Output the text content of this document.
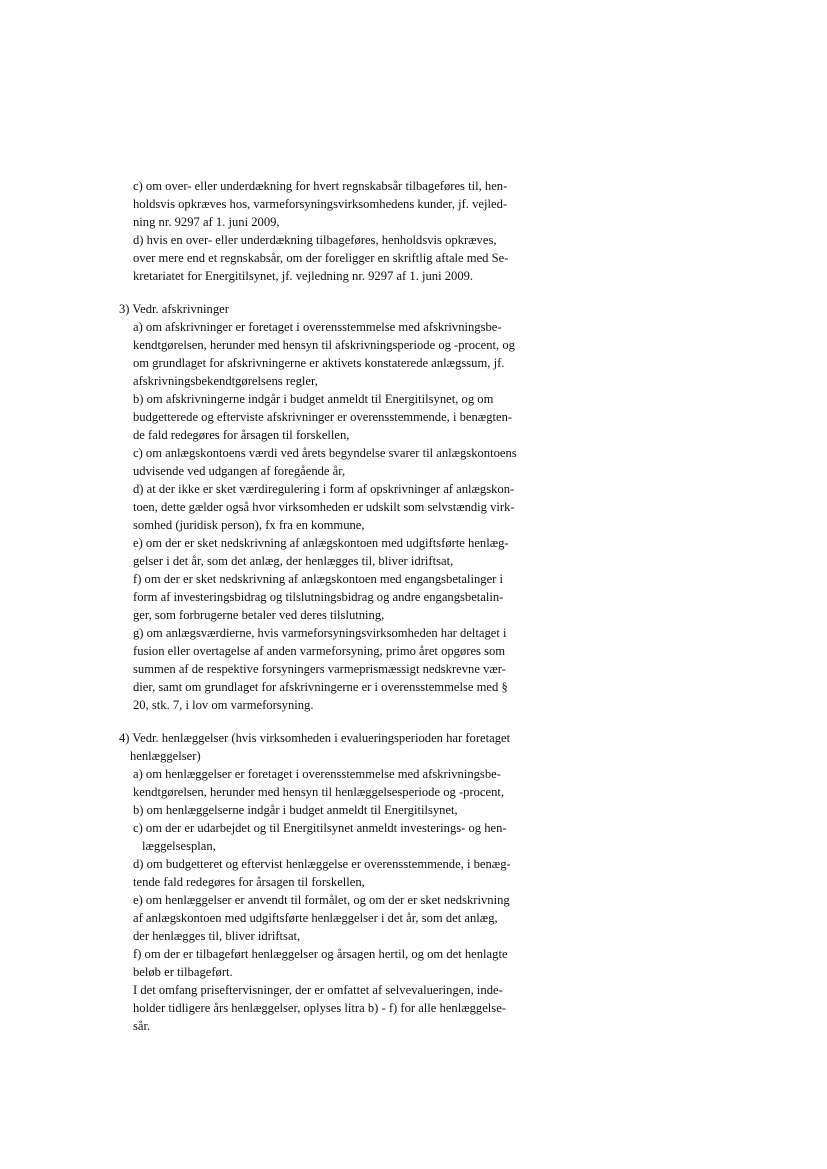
c) om over- eller underdækning for hvert regnskabsår tilbageføres til, hen-
holdsvis opkræves hos, varmeforsyningsvirksomhedens kunder, jf. vejled-
ning nr. 9297 af 1. juni 2009,
d) hvis en over- eller underdækning tilbageføres, henholdsvis opkræves,
over mere end et regnskabsår, om der foreligger en skriftlig aftale med Se-
kretariatet for Energitilsynet, jf. vejledning nr. 9297 af 1. juni 2009.
3) Vedr. afskrivninger
a) om afskrivninger er foretaget i overensstemmelse med afskrivningsbe-
kendtgørelsen, herunder med hensyn til afskrivningsperiode og -procent, og
om grundlaget for afskrivningerne er aktivets konstaterede anlægssum, jf.
afskrivningsbekendtgørelsens regler,
b) om afskrivningerne indgår i budget anmeldt til Energitilsynet, og om
budgetterede og efterviste afskrivninger er overensstemmende, i benægten-
de fald redegøres for årsagen til forskellen,
c) om anlægskontoens værdi ved årets begyndelse svarer til anlægskontoens
udvisende ved udgangen af foregående år,
d) at der ikke er sket værdiregulering i form af opskrivninger af anlægskon-
toen, dette gælder også hvor virksomheden er udskilt som selvstændig virk-
somhed (juridisk person), fx fra en kommune,
e) om der er sket nedskrivning af anlægskontoen med udgiftsførte henlæg-
gelser i det år, som det anlæg, der henlægges til, bliver idriftsat,
f) om der er sket nedskrivning af anlægskontoen med engangsbetalinger i
form af investeringsbidrag og tilslutningsbidrag og andre engangsbetalin-
ger, som forbrugerne betaler ved deres tilslutning,
g) om anlægsværdierne, hvis varmeforsyningsvirksomheden har deltaget i
fusion eller overtagelse af anden varmeforsyning, primo året opgøres som
summen af de respektive forsyningers varmeprismæssigt nedskrevne vær-
dier, samt om grundlaget for afskrivningerne er i overensstemmelse med §
20, stk. 7, i lov om varmeforsyning.
4) Vedr. henlæggelser (hvis virksomheden i evalueringsperioden har foretaget
henlæggelser)
a) om henlæggelser er foretaget i overensstemmelse med afskrivningsbe-
kendtgørelsen, herunder med hensyn til henlæggelsesperiode og -procent,
b) om henlæggelserne indgår i budget anmeldt til Energitilsynet,
c) om der er udarbejdet og til Energitilsynet anmeldt investerings- og hen-
læggelsesplan,
d) om budgetteret og eftervist henlæggelse er overensstemmende, i benæg-
tende fald redegøres for årsagen til forskellen,
e) om henlæggelser er anvendt til formålet, og om der er sket nedskrivning
af anlægskontoen med udgiftsførte henlæggelser i det år, som det anlæg,
der henlægges til, bliver idriftsat,
f) om der er tilbageført henlæggelser og årsagen hertil, og om det henlagte
beløb er tilbageført.
I det omfang priseftervisninger, der er omfattet af selvevalueringen, inde-
holder tidligere års henlæggelser, oplyses litra b) - f) for alle henlæggelse-
sår.
